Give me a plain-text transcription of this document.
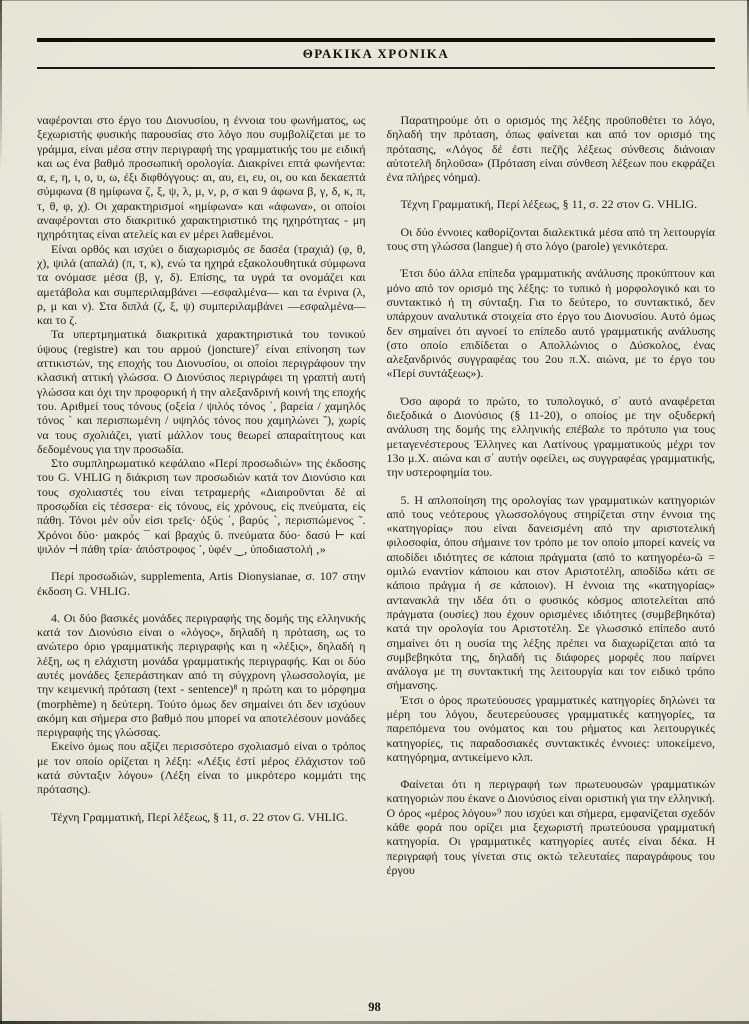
ΘΡΑΚΙΚΑ ΧΡΟΝΙΚΑ

ναφέρονται στο έργο του Διονυσίου, η έννοια του φωνήματος, ως ξεχωριστής φυσικής παρουσίας στο λόγο που συμβολίζεται με το γράμμα, είναι μέσα στην περιγραφή της γραμματικής του με ειδική και ως ένα βαθμό προσωπική ορολογία. Διακρίνει επτά φωνήεντα: α, ε, η, ι, ο, υ, ω, έξι διφθόγγους: αι, αυ, ει, ευ, οι, ου και δεκαεπτά σύμφωνα (8 ημίφωνα ζ, ξ, ψ, λ, μ, ν, ρ, σ και 9 άφωνα β, γ, δ, κ, π, τ, θ, φ, χ). Οι χαρακτηρισμοί «ημίφωνα» και «άφωνα», οι οποίοι αναφέρονται στο διακριτικό χαρακτηριστικό της ηχηρότητας - μη ηχηρότητας είναι ατελείς και εν μέρει λαθεμένοι.

Είναι ορθός και ισχύει ο διαχωρισμός σε δασέα (τραχιά) (φ, θ, χ), ψιλά (απαλά) (π, τ, κ), ενώ τα ηχηρά εξακολουθητικά σύμφωνα τα ονόμασε μέσα (β, γ, δ). Επίσης, τα υγρά τα ονομάζει και αμετάβολα και συμπεριλαμβάνει —εσφαλμένα— και τα ένρινα (λ, ρ, μ και ν). Στα διπλά (ζ, ξ, ψ) συμπεριλαμβάνει —εσφαλμένα— και το ζ.

Τα υπερτμηματικά διακριτικά χαρακτηριστικά του τονικού ύψους (registre) και του αρμού (joncture)⁷ είναι επίνοηση των αττικιστών, της εποχής του Διονυσίου, οι οποίοι περιγράφουν την κλασική αττική γλώσσα. Ο Διονύσιος περιγράφει τη γραπτή αυτή γλώσσα και όχι την προφορική ή την αλεξανδρινή κοινή της εποχής του. Αριθμεί τους τόνους (οξεία / ψιλός τόνος ΄, βαρεία / χαμηλός τόνος ` και περισπωμένη / υψηλός τόνος που χαμηλώνει ˜), χωρίς να τους σχολιάζει, γιατί μάλλον τους θεωρεί απαραίτητους και δεδομένους για την προσωδία.

Στο συμπληρωματικό κεφάλαιο «Περί προσωδιών» της έκδοσης του G. VHLIG η διάκριση των προσωδιών κατά τον Διονύσιο και τους σχολιαστές του είναι τετραμερής «Διαιροῦνται δέ αἱ προσῳδίαι εἰς τέσσερα· εἰς τόνους, εἰς χρόνους, εἰς πνεύματα, εἰς πάθη. Τόνοι μέν οὖν εἰσι τρεῖς· ὀξύς ΄, βαρύς `, περισπώμενος ˜. Χρόνοι δύο· μακρός ¯ καί βραχύς ῠ. πνεύματα δύο· δασύ ⊢ καί ψιλόν ⊣ πάθη τρία· ἀπόστροφος ᾽, ὑφέν ‿, ὑποδιαστολή ‚»

Περί προσωδιών, supplementa, Artis Dionysianae, σ. 107 στην έκδοση G. VHLIG.

4. Οι δύο βασικές μονάδες περιγραφής της δομής της ελληνικής κατά τον Διονύσιο είναι ο «λόγος», δηλαδή η πρόταση, ως το ανώτερο όριο γραμματικής περιγραφής και η «λέξις», δηλαδή η λέξη, ως η ελάχιστη μονάδα γραμματικής περιγραφής. Και οι δύο αυτές μονάδες ξεπεράστηκαν από τη σύγχρονη γλωσσολογία, με την κειμενική πρόταση (text - sentence)⁸ η πρώτη και το μόρφημα (morphème) η δεύτερη. Τούτο όμως δεν σημαίνει ότι δεν ισχύουν ακόμη και σήμερα στο βαθμό που μπορεί να αποτελέσουν μονάδες περιγραφής της γλώσσας.

Εκείνο όμως που αξίζει περισσότερο σχολιασμό είναι ο τρόπος με τον οποίο ορίζεται η λέξη: «Λέξις ἐστί μέρος ἐλάχιστον τοῦ κατά σύνταξιν λόγου» (Λέξη είναι το μικρότερο κομμάτι της πρότασης).

Τέχνη Γραμματική, Περί λέξεως, § 11, σ. 22 στον G. VHLIG.

Παρατηρούμε ότι ο ορισμός της λέξης προϋποθέτει το λόγο, δηλαδή την πρόταση, όπως φαίνεται και από τον ορισμό της πρότασης, «Λόγος δέ ἐστι πεζῆς λέξεως σύνθεσις διάνοιαν αὐτοτελῆ δηλοῦσα» (Πρόταση είναι σύνθεση λέξεων που εκφράζει ένα πλήρες νόημα).

Τέχνη Γραμματική, Περί λέξεως, § 11, σ. 22 στον G. VHLIG.

Οι δύο έννοιες καθορίζονται διαλεκτικά μέσα από τη λειτουργία τους στη γλώσσα (langue) ή στο λόγο (parole) γενικότερα.

Έτσι δύο άλλα επίπεδα γραμματικής ανάλυσης προκύπτουν και μόνο από τον ορισμό της λέξης: το τυπικό ή μορφολογικό και το συντακτικό ή τη σύνταξη. Για το δεύτερο, το συντακτικό, δεν υπάρχουν αναλυτικά στοιχεία στο έργο του Διονυσίου. Αυτό όμως δεν σημαίνει ότι αγνοεί το επίπεδο αυτό γραμματικής ανάλυσης (στο οποίο επιδίδεται ο Απολλώνιος ο Δύσκολος, ένας αλεξανδρινός συγγραφέας του 2ου π.Χ. αιώνα, με το έργο του «Περί συντάξεως»).

Όσο αφορά το πρώτο, το τυπολογικό, σ΄ αυτό αναφέρεται διεξοδικά ο Διονύσιος (§ 11-20), ο οποίος με την οξυδερκή ανάλυση της δομής της ελληνικής επέβαλε το πρότυπο για τους μεταγενέστερους Έλληνες και Λατίνους γραμματικούς μέχρι τον 13ο μ.Χ. αιώνα και σ΄ αυτήν οφείλει, ως συγγραφέας γραμματικής, την υστεροφημία του.

5. Η απλοποίηση της ορολογίας των γραμματικών κατηγοριών από τους νεότερους γλωσσολόγους στηρίζεται στην έννοια της «κατηγορίας» που είναι δανεισμένη από την αριστοτελική φιλοσοφία, όπου σήμαινε τον τρόπο με τον οποίο μπορεί κανείς να αποδίδει ιδιότητες σε κάποια πράγματα (από το κατηγορέω-ῶ = ομιλώ εναντίον κάποιου και στον Αριστοτέλη, αποδίδω κάτι σε κάποιο πράγμα ή σε κάποιον). Η έννοια της «κατηγορίας» αντανακλά την ιδέα ότι ο φυσικός κόσμος αποτελείται από πράγματα (ουσίες) που έχουν ορισμένες ιδιότητες (συμβεβηκότα) κατά την ορολογία του Αριστοτέλη. Σε γλωσσικό επίπεδο αυτό σημαίνει ότι η ουσία της λέξης πρέπει να διαχωρίζεται από τα συμβεβηκότα της, δηλαδή τις διάφορες μορφές που παίρνει ανάλογα με τη συντακτική της λειτουργία και τον ειδικό τρόπο σήμανσης.

Έτσι ο όρος πρωτεύουσες γραμματικές κατηγορίες δηλώνει τα μέρη του λόγου, δευτερεύουσες γραμματικές κατηγορίες, τα παρεπόμενα του ονόματος και του ρήματος και λειτουργικές κατηγορίες, τις παραδοσιακές συντακτικές έννοιες: υποκείμενο, κατηγόρημα, αντικείμενο κλπ.

Φαίνεται ότι η περιγραφή των πρωτευουσών γραμματικών κατηγοριών που έκανε ο Διονύσιος είναι οριστική για την ελληνική. Ο όρος «μέρος λόγου»⁹ που ισχύει και σήμερα, εμφανίζεται σχεδόν κάθε φορά που ορίζει μια ξεχωριστή πρωτεύουσα γραμματική κατηγορία. Οι γραμματικές κατηγορίες αυτές είναι δέκα. Η περιγραφή τους γίνεται στις οκτώ τελευταίες παραγράφους του έργου

98
